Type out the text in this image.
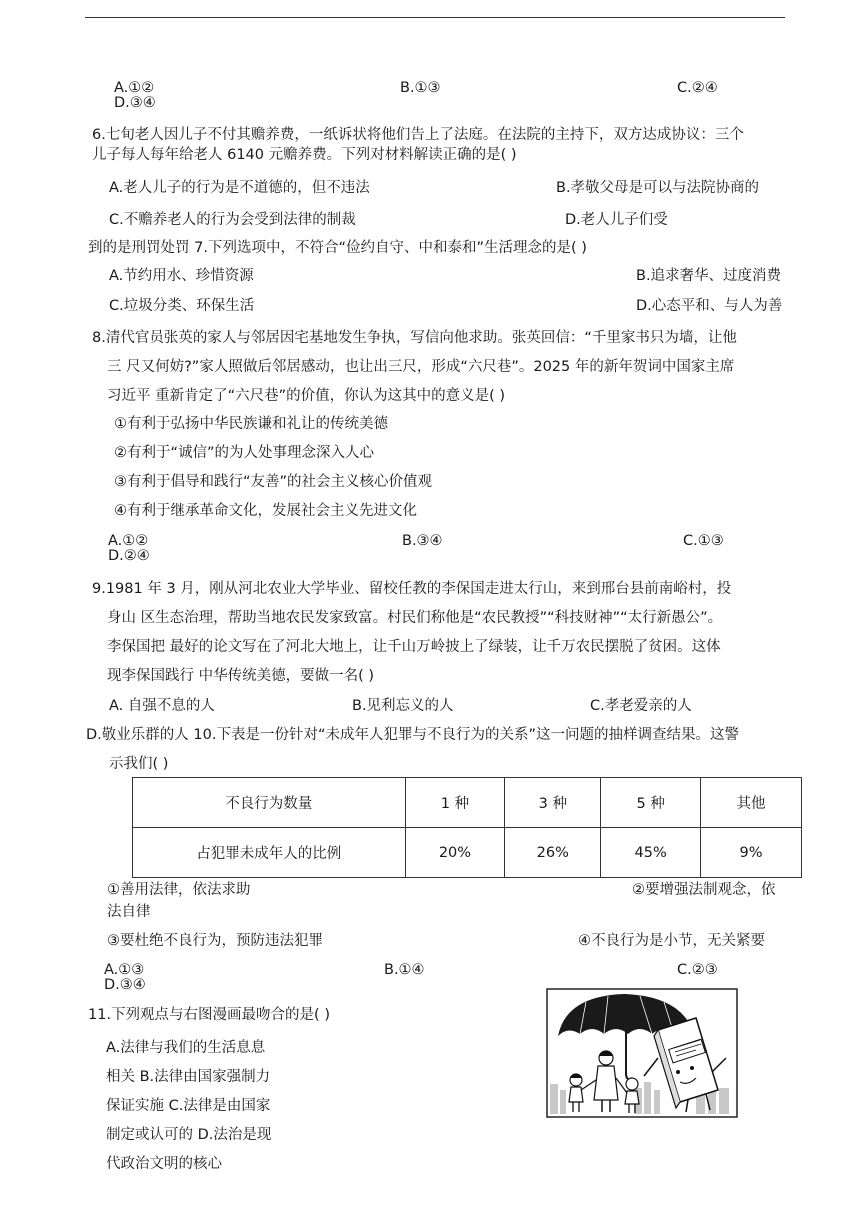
A.①②	B.①③	C.②④
D.③④
6.七旬老人因儿子不付其赡养费，一纸诉状将他们告上了法庭。在法院的主持下，双方达成协议：三个
儿子每人每年给老人 6140 元赡养费。下列对材料解读正确的是( )
A.老人儿子的行为是不道德的，但不违法	B.孝敬父母是可以与法院协商的
C.不赡养老人的行为会受到法律的制裁	D.老人儿子们受
到的是刑罚处罚 7.下列选项中，不符合“俭约自守、中和泰和”生活理念的是( )
A.节约用水、珍惜资源	B.追求奢华、过度消费
C.垃圾分类、环保生活	D.心态平和、与人为善
8.清代官员张英的家人与邻居因宅基地发生争执，写信向他求助。张英回信：“千里家书只为墙，让他
三 尺又何妨?”家人照做后邻居感动，也让出三尺，形成“六尺巷”。2025 年的新年贺词中国家主席
习近平 重新肯定了“六尺巷”的价值，你认为这其中的意义是( )
①有利于弘扬中华民族谦和礼让的传统美德
②有利于“诚信”的为人处事理念深入人心
③有利于倡导和践行“友善”的社会主义核心价值观
④有利于继承革命文化，发展社会主义先进文化
A.①②	B.③④	C.①③
D.②④
9.1981 年 3 月，刚从河北农业大学毕业、留校任教的李保国走进太行山，来到邢台县前南峪村，投
身山 区生态治理，帮助当地农民发家致富。村民们称他是“农民教授”“科技财神”“太行新愚公”。
李保国把 最好的论文写在了河北大地上，让千山万岭披上了绿装，让千万农民摆脱了贫困。这体
现李保国践行 中华传统美德，要做一名( )
A. 自强不息的人	B.见利忘义的人	C.孝老爱亲的人
D.敬业乐群的人 10.下表是一份针对“未成年人犯罪与不良行为的关系”这一问题的抽样调查结果。这警
示我们( )
不良行为数量	1 种	3 种	5 种	其他
占犯罪未成年人的比例	20%	26%	45%	9%
①善用法律，依法求助	②要增强法制观念，依
法自律
③要杜绝不良行为，预防违法犯罪	④不良行为是小节，无关紧要
A.①③	B.①④	C.②③
D.③④
11.下列观点与右图漫画最吻合的是( )
A.法律与我们的生活息息
相关 B.法律由国家强制力
保证实施 C.法律是由国家
制定或认可的 D.法治是现
代政治文明的核心
